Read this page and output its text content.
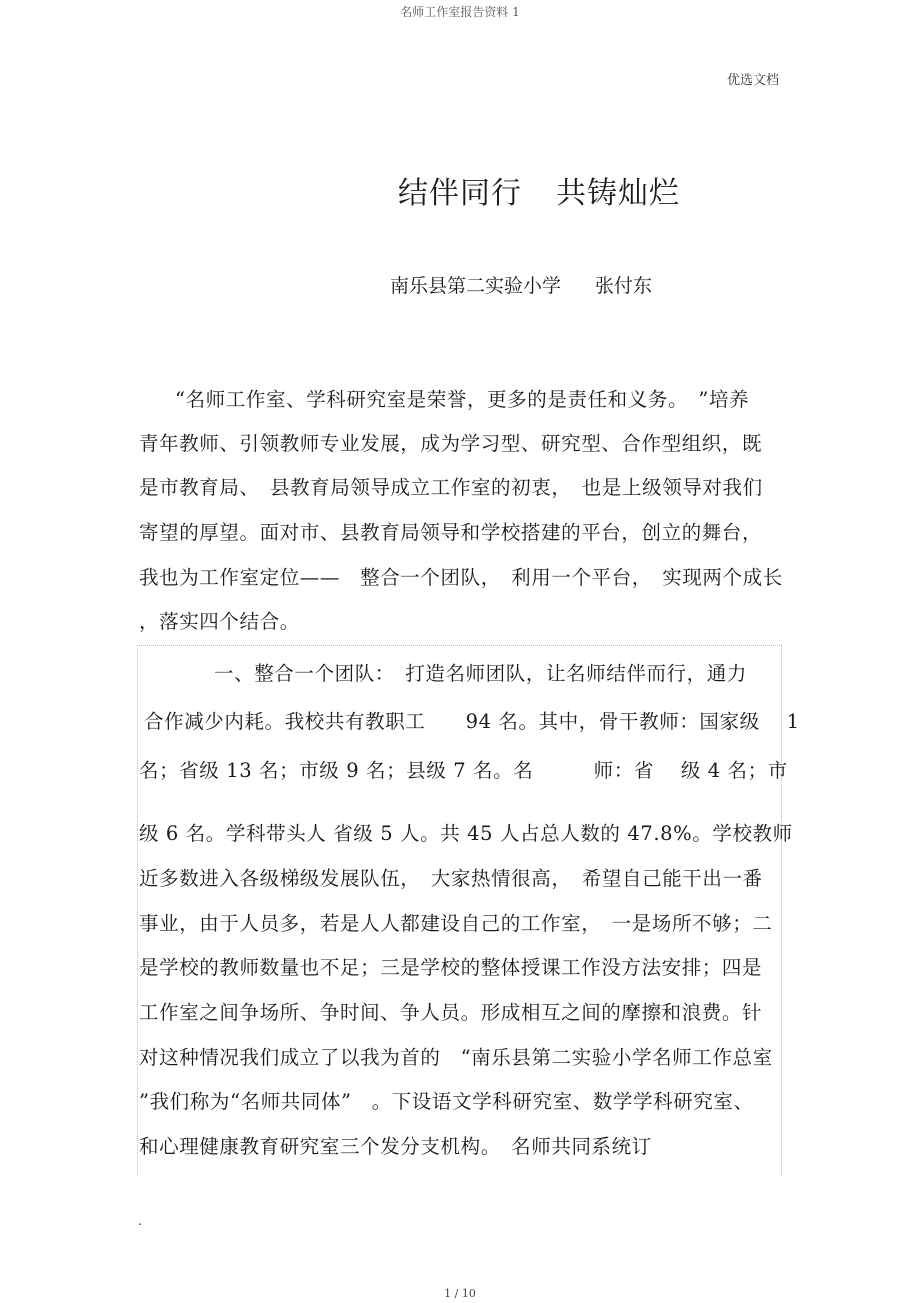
名师工作室报告资料 1
优选文档
结伴同行 共铸灿烂
南乐县第二实验小学 张付东
“名师工作室、学科研究室是荣誉，更多的是责任和义务。　”培养
青年教师、引领教师专业发展，成为学习型、研究型、合作型组织，既
是市教育局、　县教育局领导成立工作室的初衷，　也是上级领导对我们
寄望的厚望。面对市、县教育局领导和学校搭建的平台，创立的舞台，
我也为工作室定位——　整合一个团队，　利用一个平台，　实现两个成长
，落实四个结合。
一、整合一个团队：　打造名师团队，让名师结伴而行，通力
合作减少内耗。我校共有教职工　　94 名。其中，骨干教师：国家级　 1
名；省级 13 名；市级 9 名；县级 7 名。名　　　师：省　 级 4 名；市
级 6 名。学科带头人 省级 5 人。共 45 人占总人数的 47.8%。学校教师
近多数进入各级梯级发展队伍，　大家热情很高，　希望自己能干出一番
事业，由于人员多，若是人人都建设自己的工作室，　一是场所不够；二
是学校的教师数量也不足；三是学校的整体授课工作没方法安排；四是
工作室之间争场所、争时间、争人员。形成相互之间的摩擦和浪费。针
对这种情况我们成立了以我为首的　“南乐县第二实验小学名师工作总室
”我们称为“名师共同体”　。下设语文学科研究室、数学学科研究室、
和心理健康教育研究室三个发分支机构。　名师共同系统订
.
1 / 10
